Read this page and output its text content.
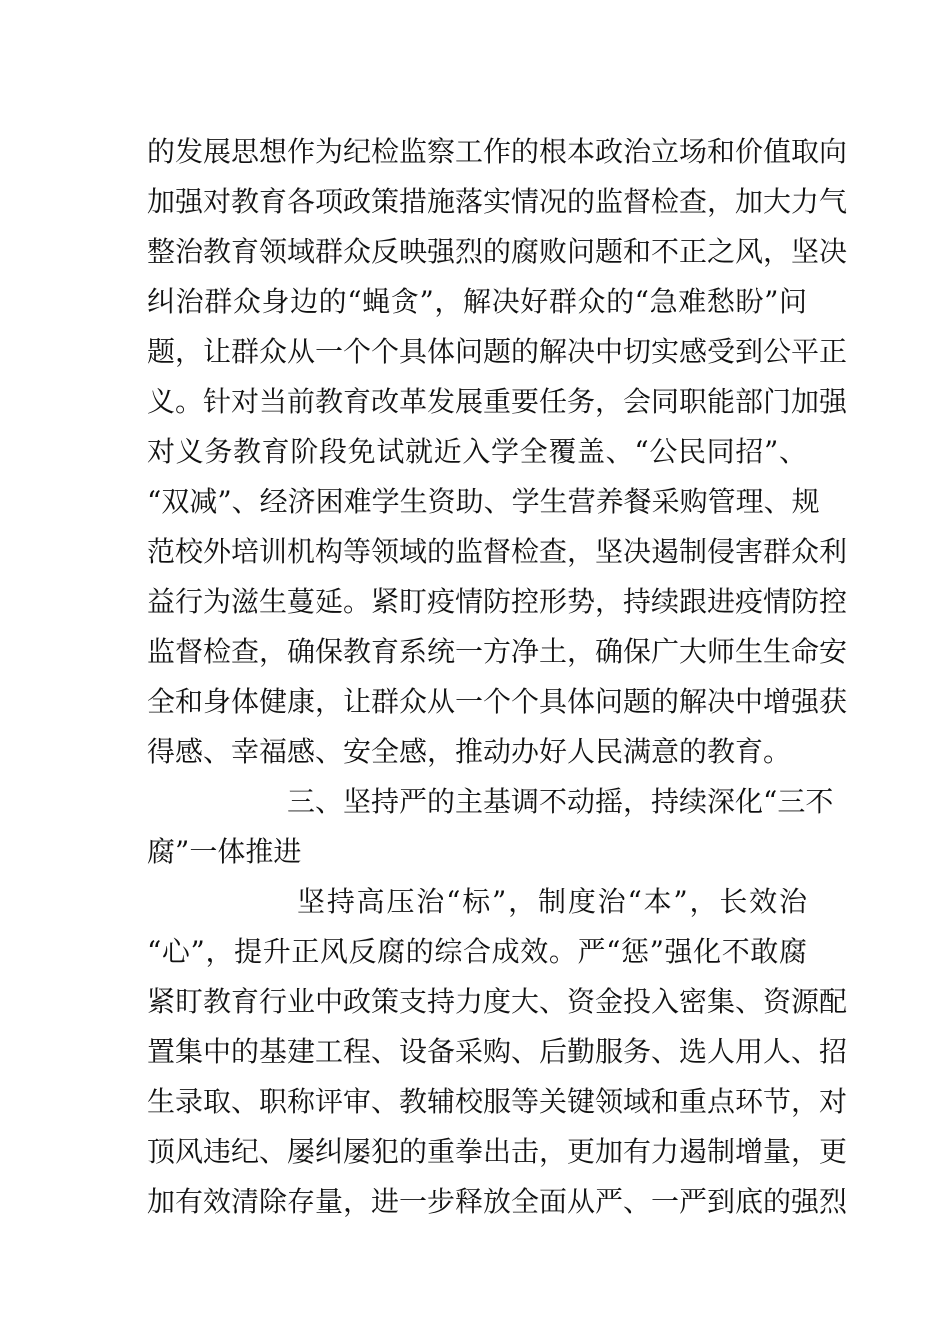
的发展思想作为纪检监察工作的根本政治立场和价值取向
加强对教育各项政策措施落实情况的监督检查，加大力气
整治教育领域群众反映强烈的腐败问题和不正之风，坚决
纠治群众身边的“蝇贪”，解决好群众的“急难愁盼”问
题，让群众从一个个具体问题的解决中切实感受到公平正
义。针对当前教育改革发展重要任务，会同职能部门加强
对义务教育阶段免试就近入学全覆盖、“公民同招”、
“双减”、经济困难学生资助、学生营养餐采购管理、规
范校外培训机构等领域的监督检查，坚决遏制侵害群众利
益行为滋生蔓延。紧盯疫情防控形势，持续跟进疫情防控
监督检查，确保教育系统一方净土，确保广大师生生命安
全和身体健康，让群众从一个个具体问题的解决中增强获
得感、幸福感、安全感，推动办好人民满意的教育。
三、坚持严的主基调不动摇，持续深化“三不
腐”一体推进
坚持高压治“标”，制度治“本”，长效治
“心”，提升正风反腐的综合成效。严“惩”强化不敢腐
紧盯教育行业中政策支持力度大、资金投入密集、资源配
置集中的基建工程、设备采购、后勤服务、选人用人、招
生录取、职称评审、教辅校服等关键领域和重点环节，对
顶风违纪、屡纠屡犯的重拳出击，更加有力遏制增量，更
加有效清除存量，进一步释放全面从严、一严到底的强烈
